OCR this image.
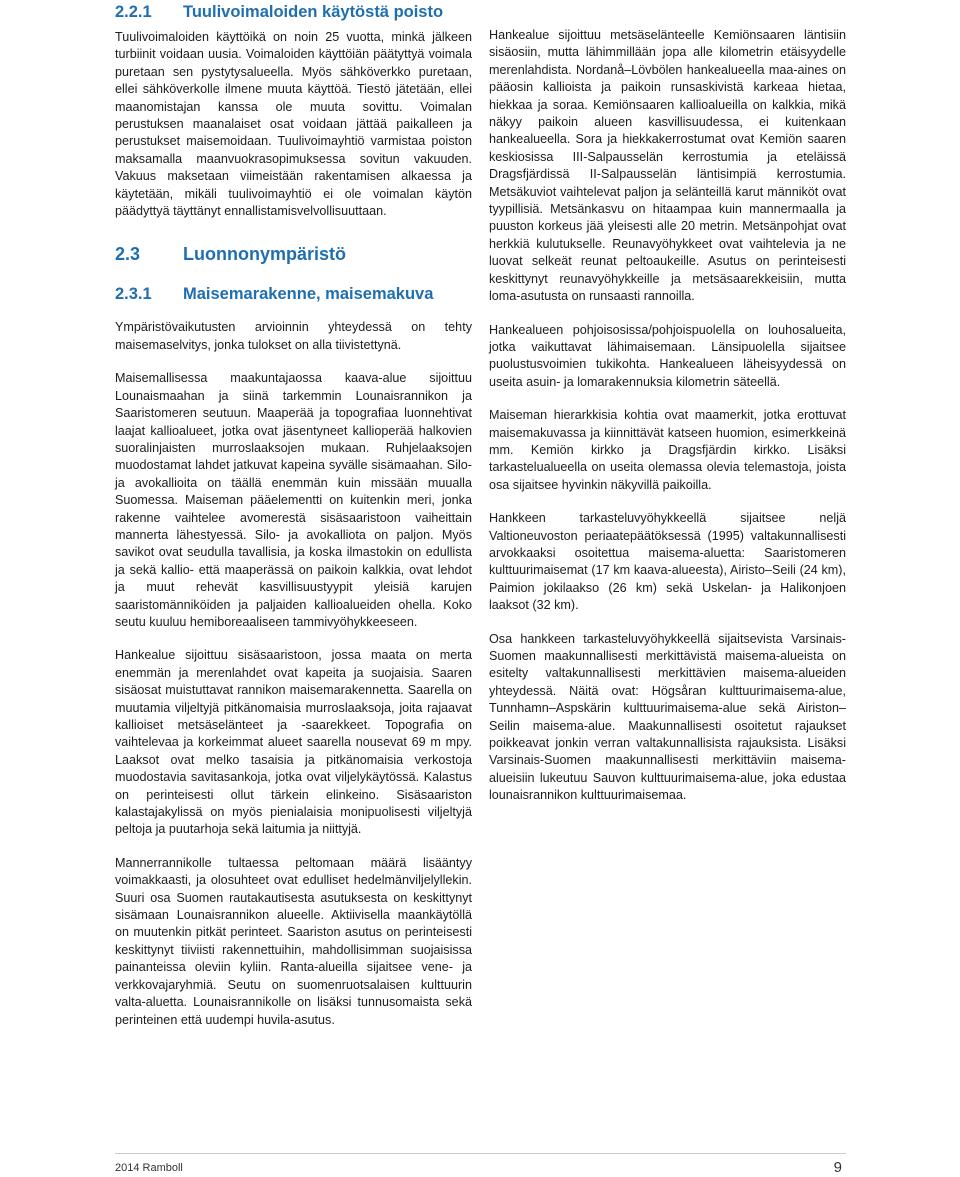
2.2.1 Tuulivoimaloiden käytöstä poisto

Tuulivoimaloiden käyttöikä on noin 25 vuotta, minkä jälkeen turbiinit voidaan uusia. Voimaloiden käyttöiän päätyttyä voimala puretaan sen pystytysalueella. Myös sähköverkko puretaan, ellei sähköverkolle ilmene muuta käyttöä. Tiestö jätetään, ellei maanomistajan kanssa ole muuta sovittu. Voimalan perustuksen maanalaiset osat voidaan jättää paikalleen ja perustukset maisemoidaan. Tuulivoimayhtiö varmistaa poiston maksamalla maanvuokrasopimuksessa sovitun vakuuden. Vakuus maksetaan viimeistään rakentamisen alkaessa ja käytetään, mikäli tuulivoimayhtiö ei ole voimalan käytön päädyttyä täyttänyt ennallistamisvelvollisuuttaan.

2.3 Luonnonympäristö
2.3.1 Maisemarakenne, maisemakuva

Ympäristövaikutusten arvioinnin yhteydessä on tehty maisemaselvitys, jonka tulokset on alla tiivistettynä.

Maisemallisessa maakuntajaossa kaava-alue sijoittuu Lounaismaahan ja siinä tarkemmin Lounaisrannikon ja Saaristomeren seutuun. Maaperää ja topografiaa luonnehtivat laajat kallioalueet, jotka ovat jäsentyneet kallioperää halkovien suoralinjaisten murroslaaksojen mukaan. Ruhjelaaksojen muodostamat lahdet jatkuvat kapeina syvälle sisämaahan. Silo- ja avokallioita on täällä enemmän kuin missään muualla Suomessa. Maiseman pääelementti on kuitenkin meri, jonka rakenne vaihtelee avomerestä sisäsaaristoon vaiheittain mannerta lähestyessä. Silo- ja avokalliota on paljon. Myös savikot ovat seudulla tavallisia, ja koska ilmastokin on edullista ja sekä kallio- että maaperässä on paikoin kalkkia, ovat lehdot ja muut rehevät kasvillisuustyypit yleisiä karujen saaristomänniköiden ja paljaiden kallioalueiden ohella. Koko seutu kuuluu hemiboreaaliseen tammivyöhykkeeseen.

Hankealue sijoittuu sisäsaaristoon, jossa maata on merta enemmän ja merenlahdet ovat kapeita ja suojaisia. Saaren sisäosat muistuttavat rannikon maisemarakennetta. Saarella on muutamia viljeltyjä pitkänomaisia murroslaaksoja, joita rajaavat kallioiset metsäselänteet ja -saarekkeet. Topografia on vaihtelevaa ja korkeimmat alueet saarella nousevat 69 m mpy. Laaksot ovat melko tasaisia ja pitkänomaisia verkostoja muodostavia savitasankoja, jotka ovat viljelykäytössä. Kalastus on perinteisesti ollut tärkein elinkeino. Sisäsaariston kalastajakylissä on myös pienialaisia monipuolisesti viljeltyjä peltoja ja puutarhoja sekä laitumia ja niittyjä.

Mannerrannikolle tultaessa peltomaan määrä lisääntyy voimakkaasti, ja olosuhteet ovat edulliset hedelmänviljelyllekin. Suuri osa Suomen rautakautisesta asutuksesta on keskittynyt sisämaan Lounaisrannikon alueelle. Aktiivisella maankäytöllä on muutenkin pitkät perinteet. Saariston asutus on perinteisesti keskittynyt tiiviisti rakennettuihin, mahdollisimman suojaisissa painanteissa oleviin kyliin. Ranta-alueilla sijaitsee vene- ja verkkovajaryhmiä. Seutu on suomenruotsalaisen kulttuurin valta-aluetta. Lounaisrannikolle on lisäksi tunnusomaista sekä perinteinen että uudempi huvila-asutus.

Hankealue sijoittuu metsäselänteelle Kemiönsaaren läntisiin sisäosiin, mutta lähimmillään jopa alle kilometrin etäisyydelle merenlahdista. Nordanå–Lövbölen hankealueella maa-aines on pääosin kallioista ja paikoin runsaskivistä karkeaa hietaa, hiekkaa ja soraa. Kemiönsaaren kallioalueilla on kalkkia, mikä näkyy paikoin alueen kasvillisuudessa, ei kuitenkaan hankealueella. Sora ja hiekkakerrostumat ovat Kemiön saaren keskiosissa III-Salpausselän kerrostumia ja eteläissä Dragsfjärdissä II-Salpausselän läntisimpiä kerrostumia. Metsäkuviot vaihtelevat paljon ja selänteillä karut männiköt ovat tyypillisiä. Metsänkasvu on hitaampaa kuin mannermaalla ja puuston korkeus jää yleisesti alle 20 metrin. Metsänpohjat ovat herkkiä kulutukselle. Reunavyöhykkeet ovat vaihtelevia ja ne luovat selkeät reunat peltoaukeille. Asutus on perinteisesti keskittynyt reunavyöhykkeille ja metsäsaarekkeisiin, mutta loma-asutusta on runsaasti rannoilla.

Hankealueen pohjoisosissa/pohjoispuolella on louhosalueita, jotka vaikuttavat lähimaisemaan. Länsipuolella sijaitsee puolustusvoimien tukikohta. Hankealueen läheisyydessä on useita asuin- ja lomarakennuksia kilometrin säteellä.

Maiseman hierarkkisia kohtia ovat maamerkit, jotka erottuvat maisemakuvassa ja kiinnittävät katseen huomion, esimerkkeinä mm. Kemiön kirkko ja Dragsfjärdin kirkko. Lisäksi tarkastelualueella on useita olemassa olevia telemastoja, joista osa sijaitsee hyvinkin näkyvillä paikoilla.

Hankkeen tarkasteluvyöhykkeellä sijaitsee neljä Valtioneuvoston periaatepäätöksessä (1995) valtakunnallisesti arvokkaaksi osoitettua maisema-aluetta: Saaristomeren kulttuurimaisemat (17 km kaava-alueesta), Airisto–Seili (24 km), Paimion jokilaakso (26 km) sekä Uskelan- ja Halikonjoen laaksot (32 km).

Osa hankkeen tarkasteluvyöhykkeellä sijaitsevista Varsinais-Suomen maakunnallisesti merkittävistä maisema-alueista on esitelty valtakunnallisesti merkittävien maisema-alueiden yhteydessä. Näitä ovat: Högsåran kulttuurimaisema-alue, Tunnhamn–Aspskärin kulttuurimaisema-alue sekä Airiston–Seilin maisema-alue. Maakunnallisesti osoitetut rajaukset poikkeavat jonkin verran valtakunnallisista rajauksista. Lisäksi Varsinais-Suomen maakunnallisesti merkittäviin maisema-alueisiin lukeutuu Sauvon kulttuurimaisema-alue, joka edustaa lounaisrannikon kulttuurimaisemaa.

2014 Ramboll	9
